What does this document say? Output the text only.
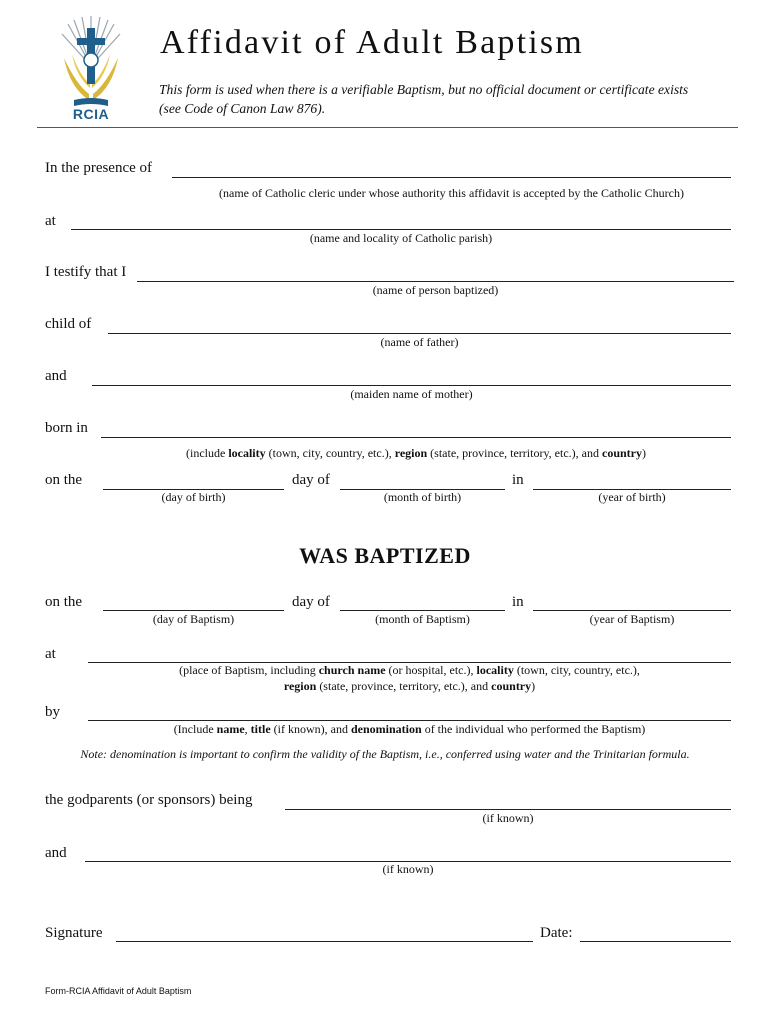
RCIA
Affidavit of Adult Baptism
This form is used when there is a verifiable Baptism, but no official document or certificate exists
(see Code of Canon Law 876).
In the presence of
(name of Catholic cleric under whose authority this affidavit is accepted by the Catholic Church)
at
(name and locality of Catholic parish)
I testify that I
(name of person baptized)
child of
(name of father)
and
(maiden name of mother)
born in
(include locality (town, city, country, etc.), region (state, province, territory, etc.), and country)
on the	day of	in
(day of birth)	(month of birth)	(year of birth)
WAS BAPTIZED
on the	day of	in
(day of Baptism)	(month of Baptism)	(year of Baptism)
at
(place of Baptism, including church name (or hospital, etc.), locality (town, city, country, etc.),
region (state, province, territory, etc.), and country)
by
(Include name, title (if known), and denomination of the individual who performed the Baptism)
Note: denomination is important to confirm the validity of the Baptism, i.e., conferred using water and the Trinitarian formula.
the godparents (or sponsors) being
(if known)
and
(if known)
Signature	Date:
Form-RCIA Affidavit of Adult Baptism
